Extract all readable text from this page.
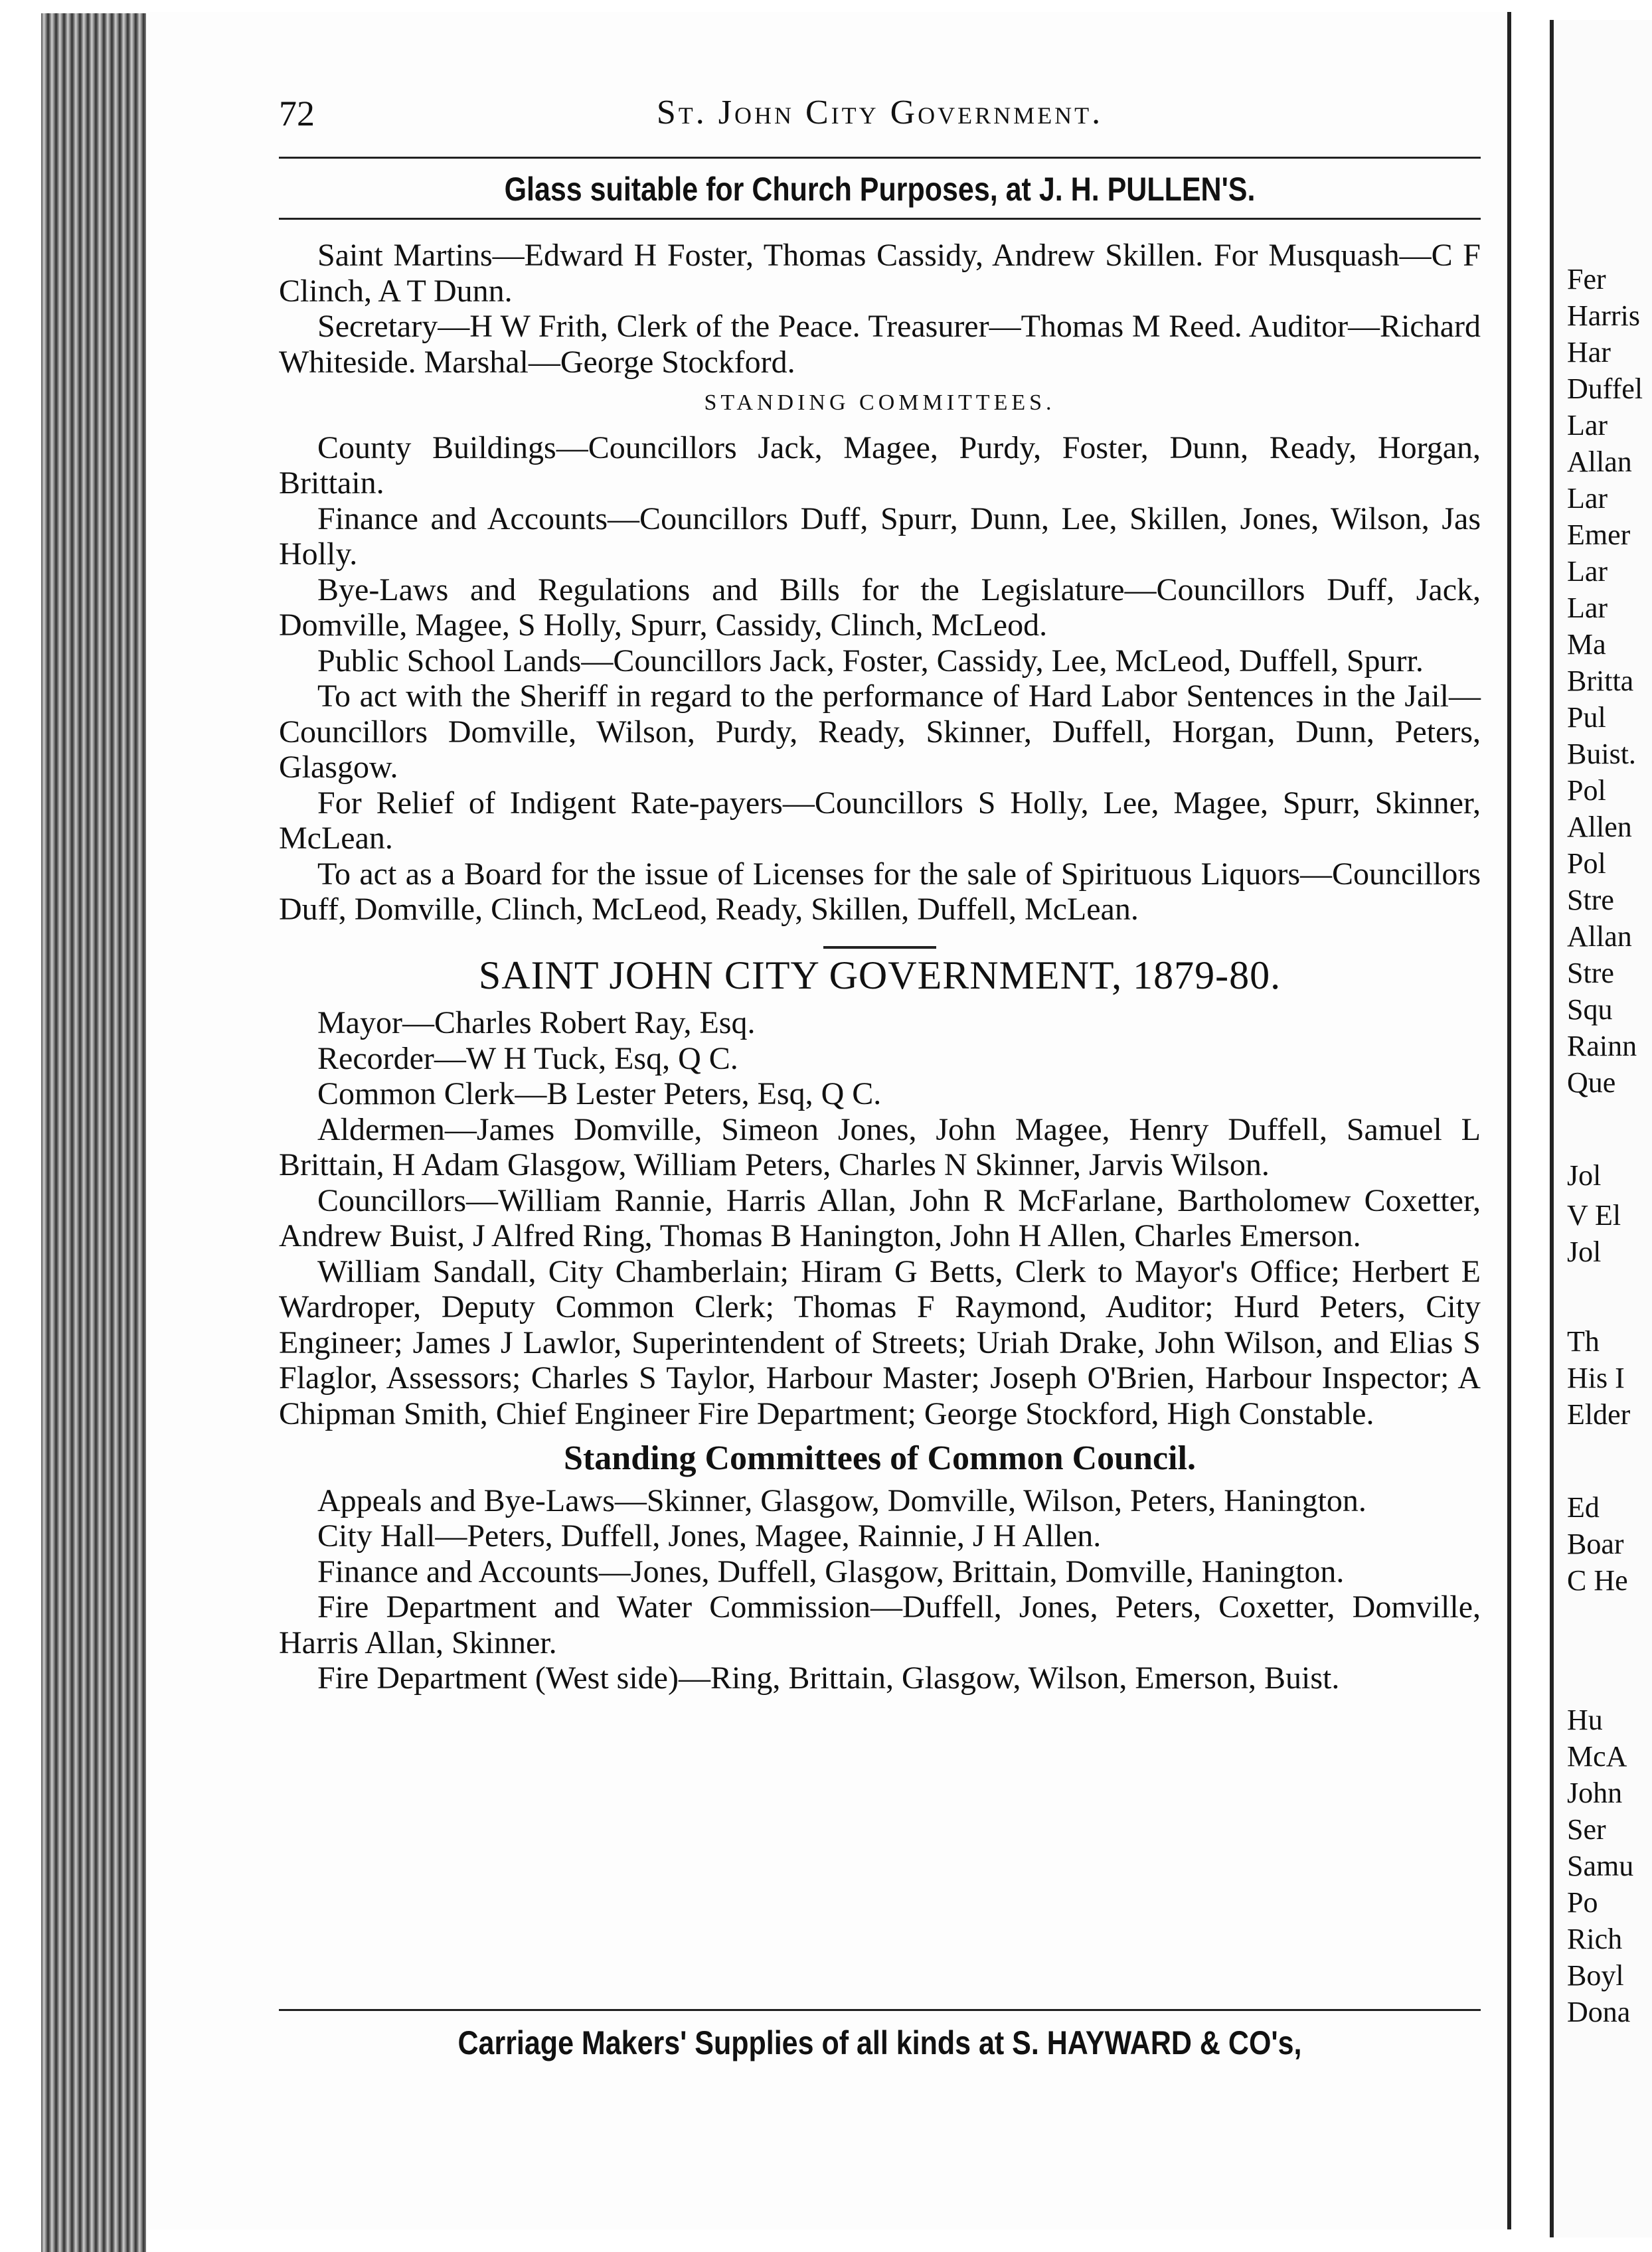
Fer
Harris
Har
Duffel
Lar
Allan
Lar
Emer
Lar
Lar
Ma
Britta
Pul
Buist.
Pol
Allen
Pol
Stre
Allan
Stre
Squ
Rainn
Que
Jol
V El
Jol
Th
His I
Elder
Ed
Boar
C He
Hu
McA
John
Ser
Samu
Po
Rich
Boyl
Dona
72	St. John City Government.
Glass suitable for Church Purposes, at J. H. PULLEN'S.

Saint Martins—Edward H Foster, Thomas Cassidy, Andrew Skillen. For Musquash—C F Clinch, A T Dunn.

Secretary—H W Frith, Clerk of the Peace. Treasurer—Thomas M Reed. Auditor—Richard Whiteside. Marshal—George Stockford.

STANDING COMMITTEES.

County Buildings—Councillors Jack, Magee, Purdy, Foster, Dunn, Ready, Horgan, Brittain.

Finance and Accounts—Councillors Duff, Spurr, Dunn, Lee, Skillen, Jones, Wilson, Jas Holly.

Bye-Laws and Regulations and Bills for the Legislature—Councillors Duff, Jack, Domville, Magee, S Holly, Spurr, Cassidy, Clinch, McLeod.

Public School Lands—Councillors Jack, Foster, Cassidy, Lee, McLeod, Duffell, Spurr.

To act with the Sheriff in regard to the performance of Hard Labor Sentences in the Jail—Councillors Domville, Wilson, Purdy, Ready, Skinner, Duffell, Horgan, Dunn, Peters, Glasgow.

For Relief of Indigent Rate-payers—Councillors S Holly, Lee, Magee, Spurr, Skinner, McLean.

To act as a Board for the issue of Licenses for the sale of Spirituous Liquors—Councillors Duff, Domville, Clinch, McLeod, Ready, Skillen, Duffell, McLean.

SAINT JOHN CITY GOVERNMENT, 1879-80.

Mayor—Charles Robert Ray, Esq.

Recorder—W H Tuck, Esq, Q C.

Common Clerk—B Lester Peters, Esq, Q C.

Aldermen—James Domville, Simeon Jones, John Magee, Henry Duffell, Samuel L Brittain, H Adam Glasgow, William Peters, Charles N Skinner, Jarvis Wilson.

Councillors—William Rannie, Harris Allan, John R McFarlane, Bartholomew Coxetter, Andrew Buist, J Alfred Ring, Thomas B Hanington, John H Allen, Charles Emerson.

William Sandall, City Chamberlain; Hiram G Betts, Clerk to Mayor's Office; Herbert E Wardroper, Deputy Common Clerk; Thomas F Raymond, Auditor; Hurd Peters, City Engineer; James J Lawlor, Superintendent of Streets; Uriah Drake, John Wilson, and Elias S Flaglor, Assessors; Charles S Taylor, Harbour Master; Joseph O'Brien, Harbour Inspector; A Chipman Smith, Chief Engineer Fire Department; George Stockford, High Constable.

Standing Committees of Common Council.

Appeals and Bye-Laws—Skinner, Glasgow, Domville, Wilson, Peters, Hanington.

City Hall—Peters, Duffell, Jones, Magee, Rainnie, J H Allen.

Finance and Accounts—Jones, Duffell, Glasgow, Brittain, Domville, Hanington.

Fire Department and Water Commission—Duffell, Jones, Peters, Coxetter, Domville, Harris Allan, Skinner.

Fire Department (West side)—Ring, Brittain, Glasgow, Wilson, Emerson, Buist.

Carriage Makers' Supplies of all kinds at S. HAYWARD & CO's,
